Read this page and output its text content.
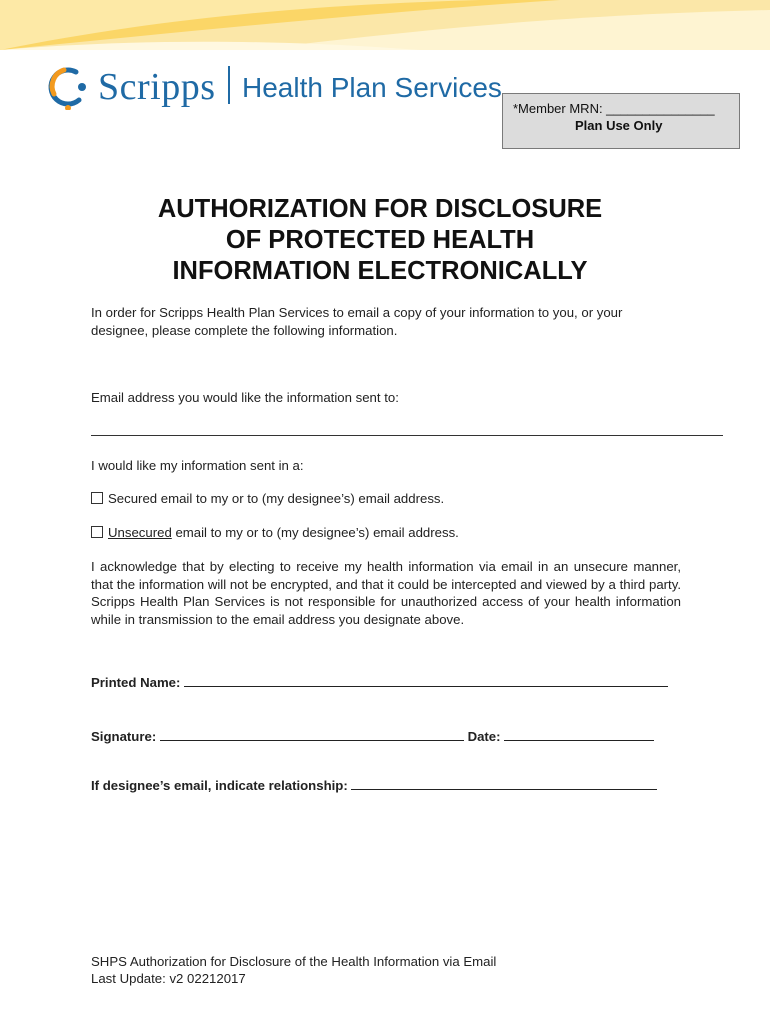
Scripps Health Plan Services
*Member MRN: _______________
Plan Use Only
AUTHORIZATION FOR DISCLOSURE
OF PROTECTED HEALTH
INFORMATION ELECTRONICALLY
In order for Scripps Health Plan Services to email a copy of your information to you, or your
designee, please complete the following information.
Email address you would like the information sent to:
I would like my information sent in a:
Secured email to my or to (my designee’s) email address.
Unsecured email to my or to (my designee’s) email address.
I acknowledge that by electing to receive my health information via email in an unsecure manner, that the information will not be encrypted, and that it could be intercepted and viewed by a third party. Scripps Health Plan Services is not responsible for unauthorized access of your health information while in transmission to the email address you designate above.
Printed Name:
Signature:	Date:
If designee’s email, indicate relationship:
SHPS Authorization for Disclosure of the Health Information via Email
Last Update: v2 02212017
